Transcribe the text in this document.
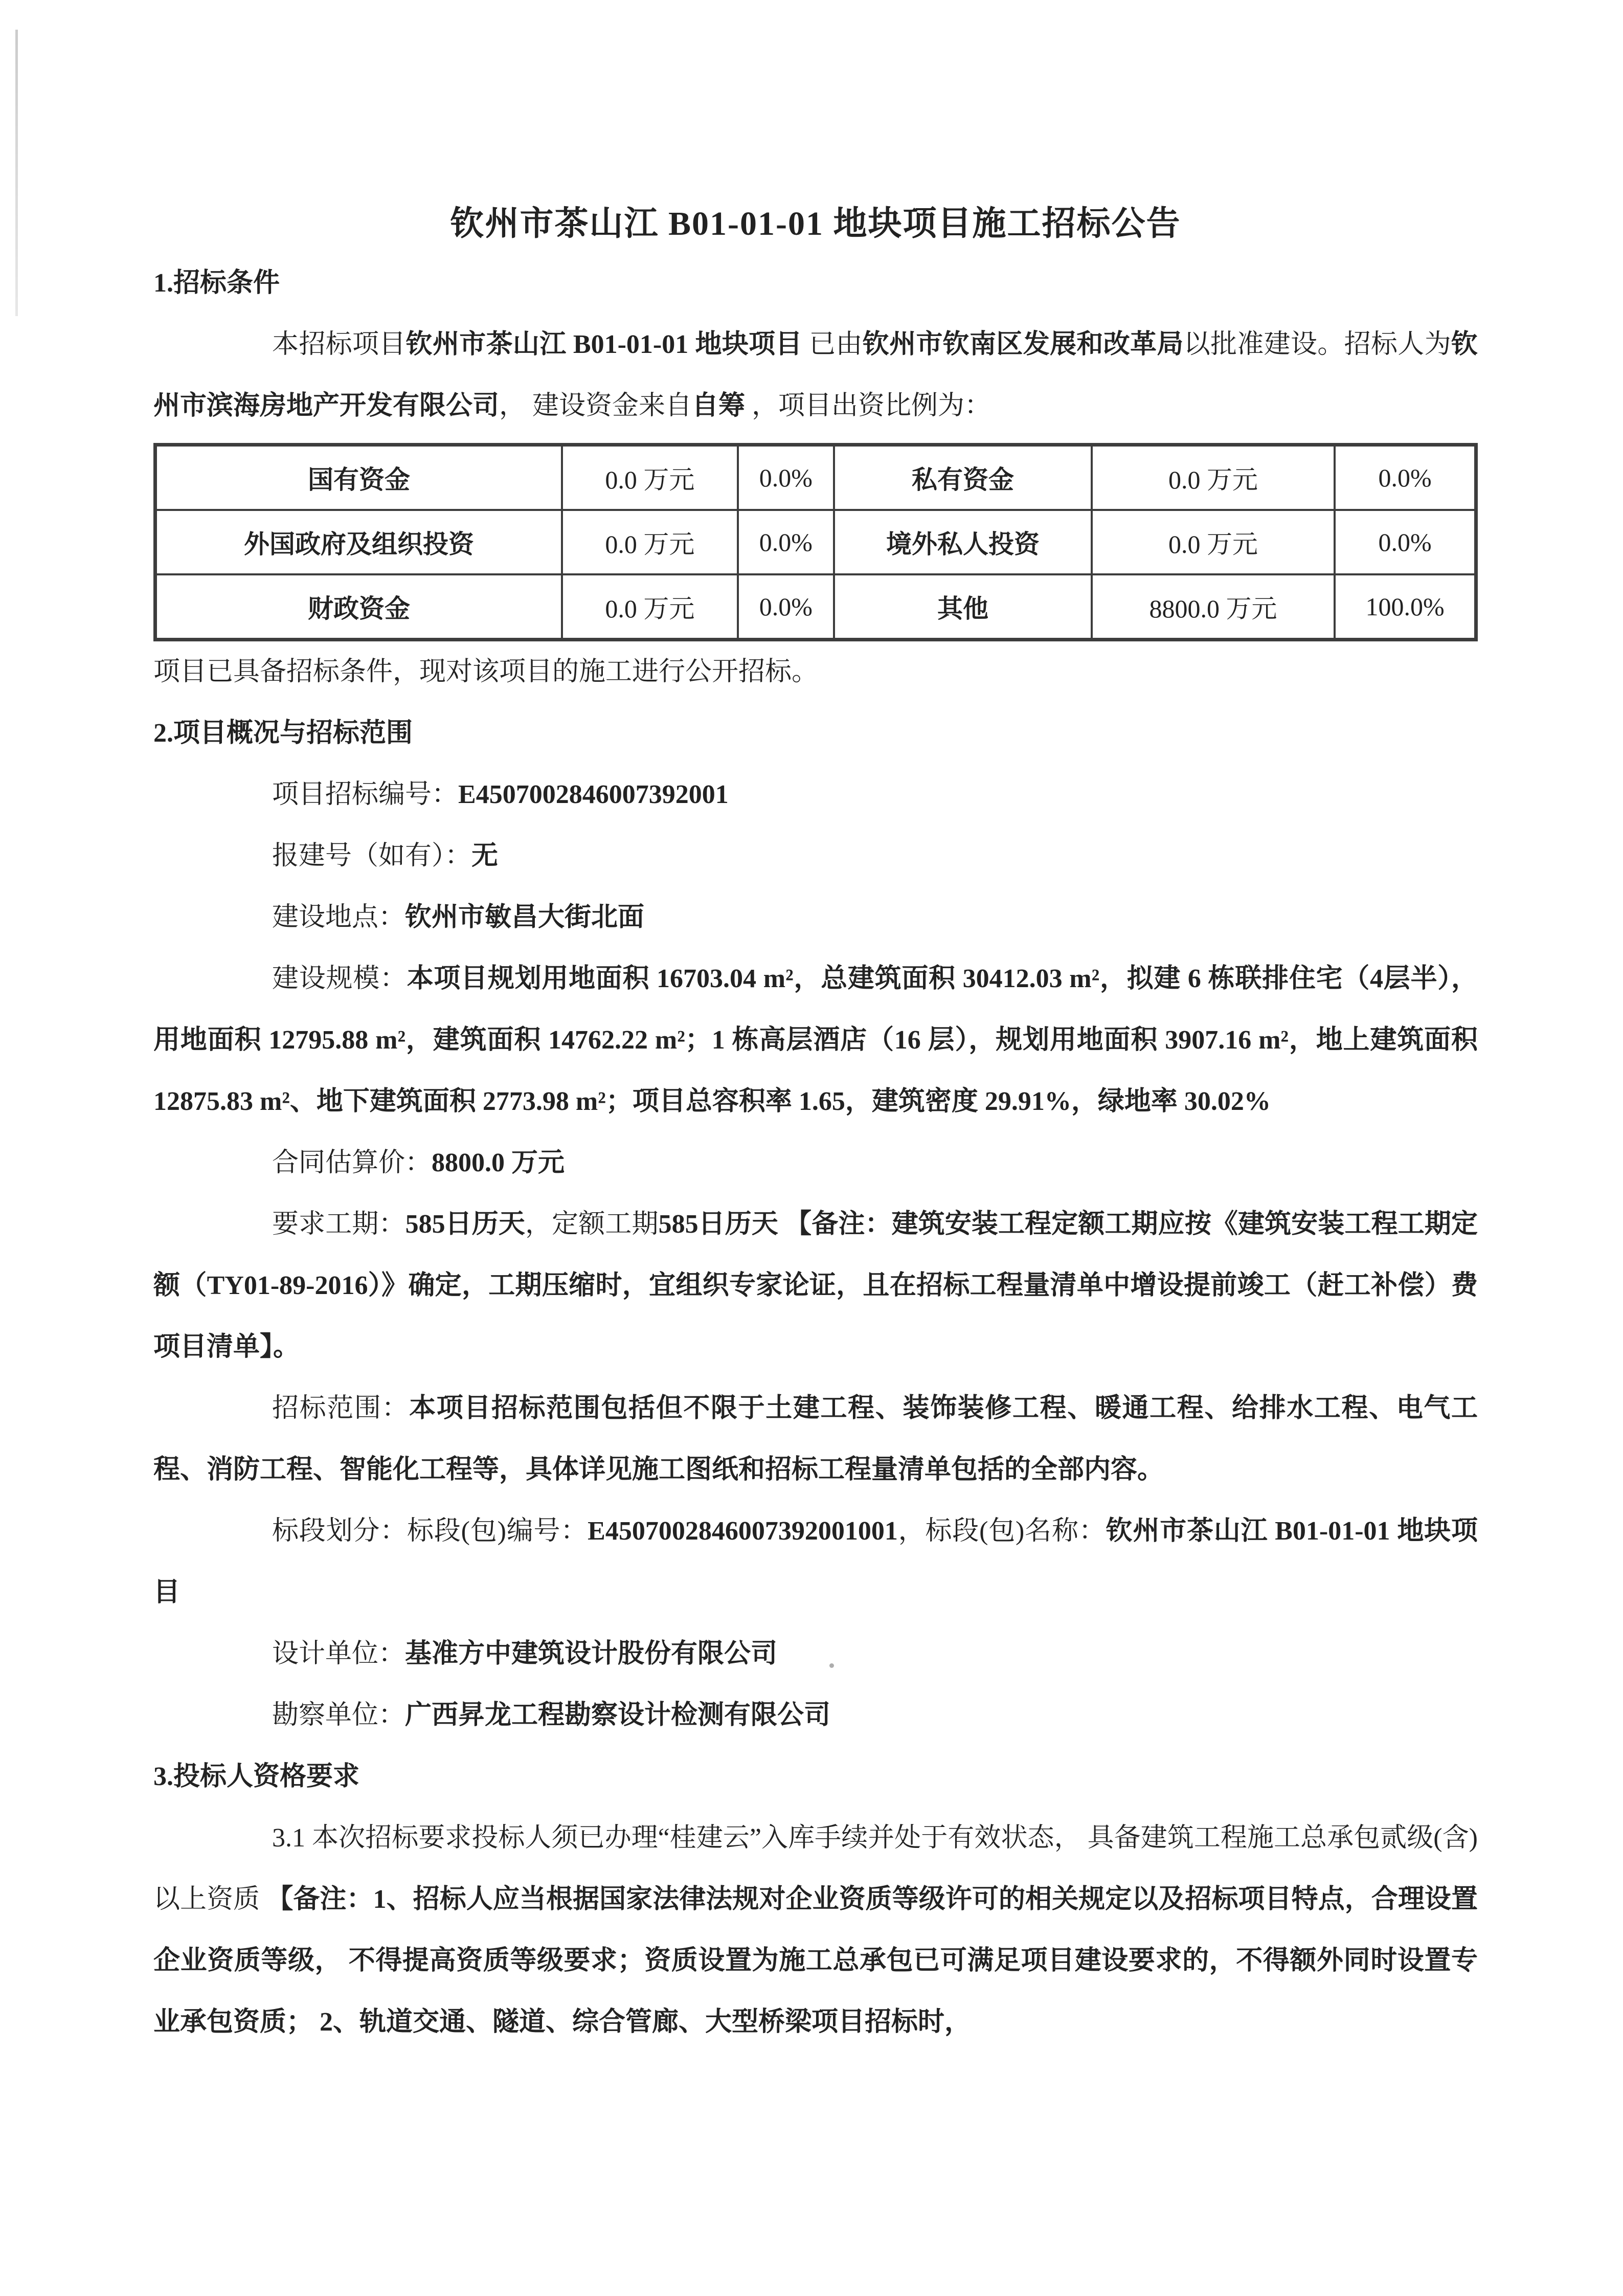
钦州市茶山江 B01-01-01 地块项目施工招标公告
1.招标条件

本招标项目钦州市茶山江 B01-01-01 地块项目 已由钦州市钦南区发展和改革局以批准建设。招标人为钦州市滨海房地产开发有限公司， 建设资金来自自筹 ，项目出资比例为：

国有资金	0.0 万元	0.0%	私有资金	0.0 万元	0.0%
外国政府及组织投资	0.0 万元	0.0%	境外私人投资	0.0 万元	0.0%
财政资金	0.0 万元	0.0%	其他	8800.0 万元	100.0%

项目已具备招标条件，现对该项目的施工进行公开招标。

2.项目概况与招标范围

项目招标编号：E4507002846007392001

报建号（如有）：无

建设地点：钦州市敏昌大街北面

建设规模：本项目规划用地面积 16703.04 m²，总建筑面积 30412.03 m²，拟建 6 栋联排住宅（4层半），用地面积 12795.88 m²，建筑面积 14762.22 m²；1 栋高层酒店（16 层），规划用地面积 3907.16 m²，地上建筑面积 12875.83 m²、地下建筑面积 2773.98 m²；项目总容积率 1.65，建筑密度 29.91%，绿地率 30.02%

合同估算价：8800.0 万元

要求工期：585日历天，定额工期585日历天 【备注：建筑安装工程定额工期应按《建筑安装工程工期定额（TY01-89-2016）》确定，工期压缩时，宜组织专家论证，且在招标工程量清单中增设提前竣工（赶工补偿）费项目清单】。

招标范围：本项目招标范围包括但不限于土建工程、装饰装修工程、暖通工程、给排水工程、电气工程、消防工程、智能化工程等，具体详见施工图纸和招标工程量清单包括的全部内容。

标段划分：标段(包)编号：E4507002846007392001001，标段(包)名称：钦州市茶山江 B01-01-01 地块项目

设计单位：基准方中建筑设计股份有限公司

勘察单位：广西昇龙工程勘察设计检测有限公司

3.投标人资格要求

3.1 本次招标要求投标人须已办理“桂建云”入库手续并处于有效状态， 具备建筑工程施工总承包贰级(含)以上资质 【备注：1、招标人应当根据国家法律法规对企业资质等级许可的相关规定以及招标项目特点，合理设置企业资质等级， 不得提高资质等级要求；资质设置为施工总承包已可满足项目建设要求的，不得额外同时设置专业承包资质； 2、轨道交通、隧道、综合管廊、大型桥梁项目招标时，
